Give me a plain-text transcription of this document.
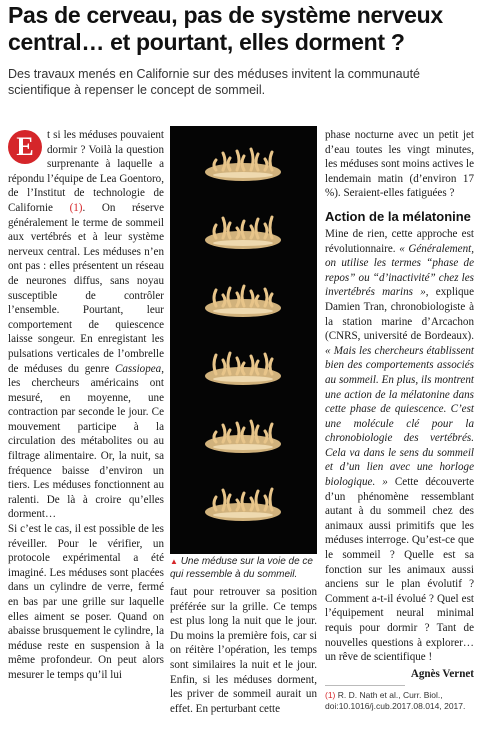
Pas de cerveau, pas de système nerveux central… et pourtant, elles dorment ?

Des travaux menés en Californie sur des méduses invitent la communauté scientifique à repenser le concept de sommeil.

E	t si les méduses pouvaient dormir ? Voilà la question surprenante à laquelle a répondu l’équipe de Lea Goentoro, de l’Institut de technologie de Californie (1). On réserve généralement le terme de sommeil aux vertébrés et à leur système nerveux central. Les méduses n’en ont pas : elles présentent un réseau de neurones diffus, sans noyau susceptible de contrôler l’ensemble. Pourtant, leur comportement de quiescence laisse songeur. En enregistant les pulsations verticales de l’ombrelle de méduses du genre Cassiopea, les chercheurs américains ont mesuré, en moyenne, une contraction par seconde le jour. Ce mouvement participe à la circulation des métabolites ou au filtrage alimentaire. Or, la nuit, sa fréquence baisse d’environ un tiers. Les méduses fonctionnent au ralenti. De là à croire qu’elles dorment…

Si c’est le cas, il est possible de les réveiller. Pour le vérifier, un protocole expérimental a été imaginé. Les méduses sont placées dans un cylindre de verre, fermé en bas par une grille sur laquelle elles aiment se poser. Quand on abaisse brusquement le cylindre, la méduse reste en suspension à la même profondeur. On peut alors mesurer le temps qu’il lui

▲ Une méduse sur la voie de ce qui ressemble à du sommeil.

faut pour retrouver sa position préférée sur la grille. Ce temps est plus long la nuit que le jour. Du moins la première fois, car si on réitère l’opération, les temps sont similaires la nuit et le jour. Enfin, si les méduses dorment, les priver de sommeil aurait un effet. En perturbant cette

phase nocturne avec un petit jet d’eau toutes les vingt minutes, les méduses sont moins actives le lendemain matin (d’environ 17 %). Seraient-elles fatiguées ?

Action de la mélatonine

Mine de rien, cette approche est révolutionnaire. « Généralement, on utilise les termes “phase de repos” ou “d’inactivité” chez les invertébrés marins », explique Damien Tran, chronobiologiste à la station marine d’Arcachon (CNRS, université de Bordeaux). « Mais les chercheurs établissent bien des comportements associés au sommeil. En plus, ils montrent une action de la mélatonine dans cette phase de quiescence. C’est une molécule clé pour la chronobiologie des vertébrés. Cela va dans le sens du sommeil et d’un lien avec une horloge biologique. » Cette découverte d’un phénomène ressemblant autant à du sommeil chez des animaux aussi primitifs que les méduses interroge. Qu’est-ce que le sommeil ? Quelle est sa fonction sur les animaux aussi anciens sur le plan évolutif ? Comment a-t-il évolué ? Quel est l’équipement neural minimal requis pour dormir ? Tant de nouvelles questions à explorer… un rêve de scientifique !

Agnès Vernet

(1) R. D. Nath et al., Curr. Biol., doi:10.1016/j.cub.2017.08.014, 2017.
